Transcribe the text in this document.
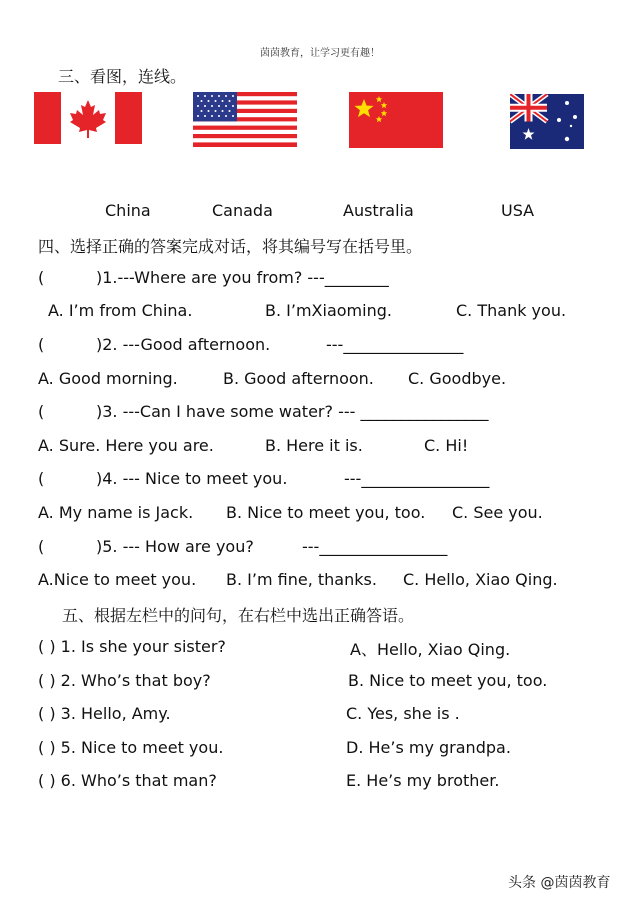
茵茵教育，让学习更有趣！
三、看图，连线。
China	Canada	Australia	USA
四、选择正确的答案完成对话，将其编号写在括号里。
(	)1.---Where are you from? ---________
A. I’m from China.	B. I’mXiaoming.	C. Thank you.
(	)2. ---Good afternoon.	---_______________
A. Good morning.	B. Good afternoon. C. Goodbye.
(	)3. ---Can I have some water? --- ________________
A. Sure. Here you are.	B. Here it is.	C. Hi!
(	)4. --- Nice to meet you.	---________________
A. My name is Jack. B. Nice to meet you, too. C. See you.
(	)5. --- How are you?	---________________
A.Nice to meet you. B. I’m fine, thanks. C. Hello, Xiao Qing.
五、根据左栏中的问句，在右栏中选出正确答语。
( ) 1. Is she your sister?	A、Hello, Xiao Qing.
( ) 2. Who’s that boy?	B. Nice to meet you, too.
( ) 3. Hello, Amy.	C. Yes, she is .
( ) 5. Nice to meet you.	D. He’s my grandpa.
( ) 6. Who’s that man?	E. He’s my brother.
头条 @茵茵教育
